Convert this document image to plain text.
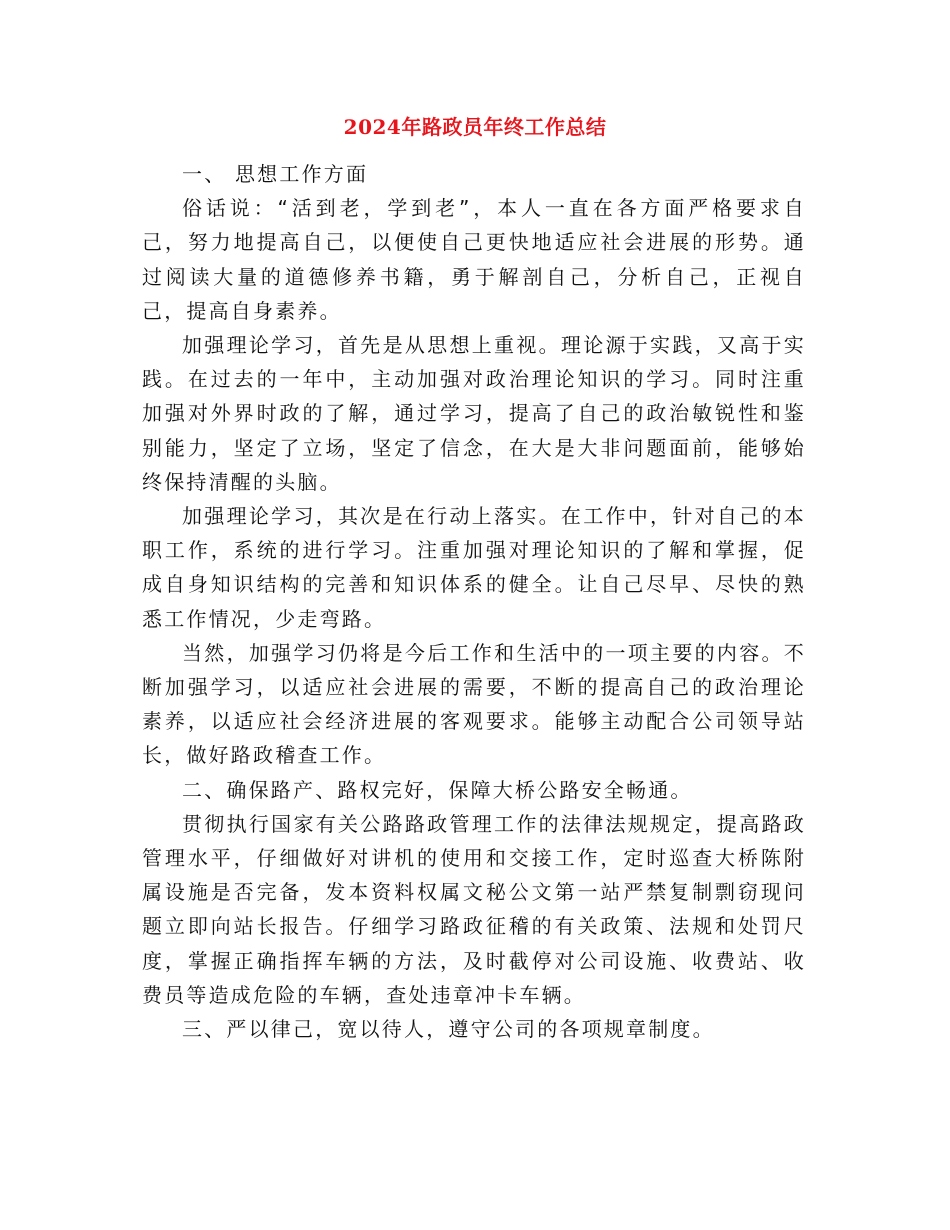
2024年路政员年终工作总结

一、 思想工作方面

俗话说：“活到老，学到老”，本人一直在各方面严格要求自己，努力地提高自己，以便使自己更快地适应社会进展的形势。通过阅读大量的道德修养书籍，勇于解剖自己，分析自己，正视自己，提高自身素养。

加强理论学习，首先是从思想上重视。理论源于实践，又高于实践。在过去的一年中，主动加强对政治理论知识的学习。同时注重加强对外界时政的了解，通过学习，提高了自己的政治敏锐性和鉴别能力，坚定了立场，坚定了信念，在大是大非问题面前，能够始终保持清醒的头脑。

加强理论学习，其次是在行动上落实。在工作中，针对自己的本职工作，系统的进行学习。注重加强对理论知识的了解和掌握，促成自身知识结构的完善和知识体系的健全。让自己尽早、尽快的熟悉工作情况，少走弯路。

当然，加强学习仍将是今后工作和生活中的一项主要的内容。不断加强学习，以适应社会进展的需要，不断的提高自己的政治理论素养，以适应社会经济进展的客观要求。能够主动配合公司领导站长，做好路政稽查工作。

二、确保路产、路权完好，保障大桥公路安全畅通。

贯彻执行国家有关公路路政管理工作的法律法规规定，提高路政管理水平，仔细做好对讲机的使用和交接工作，定时巡查大桥陈附属设施是否完备，发本资料权属文秘公文第一站严禁复制剽窃现问题立即向站长报告。仔细学习路政征稽的有关政策、法规和处罚尺度，掌握正确指挥车辆的方法，及时截停对公司设施、收费站、收费员等造成危险的车辆，查处违章冲卡车辆。

三、严以律己，宽以待人，遵守公司的各项规章制度。
